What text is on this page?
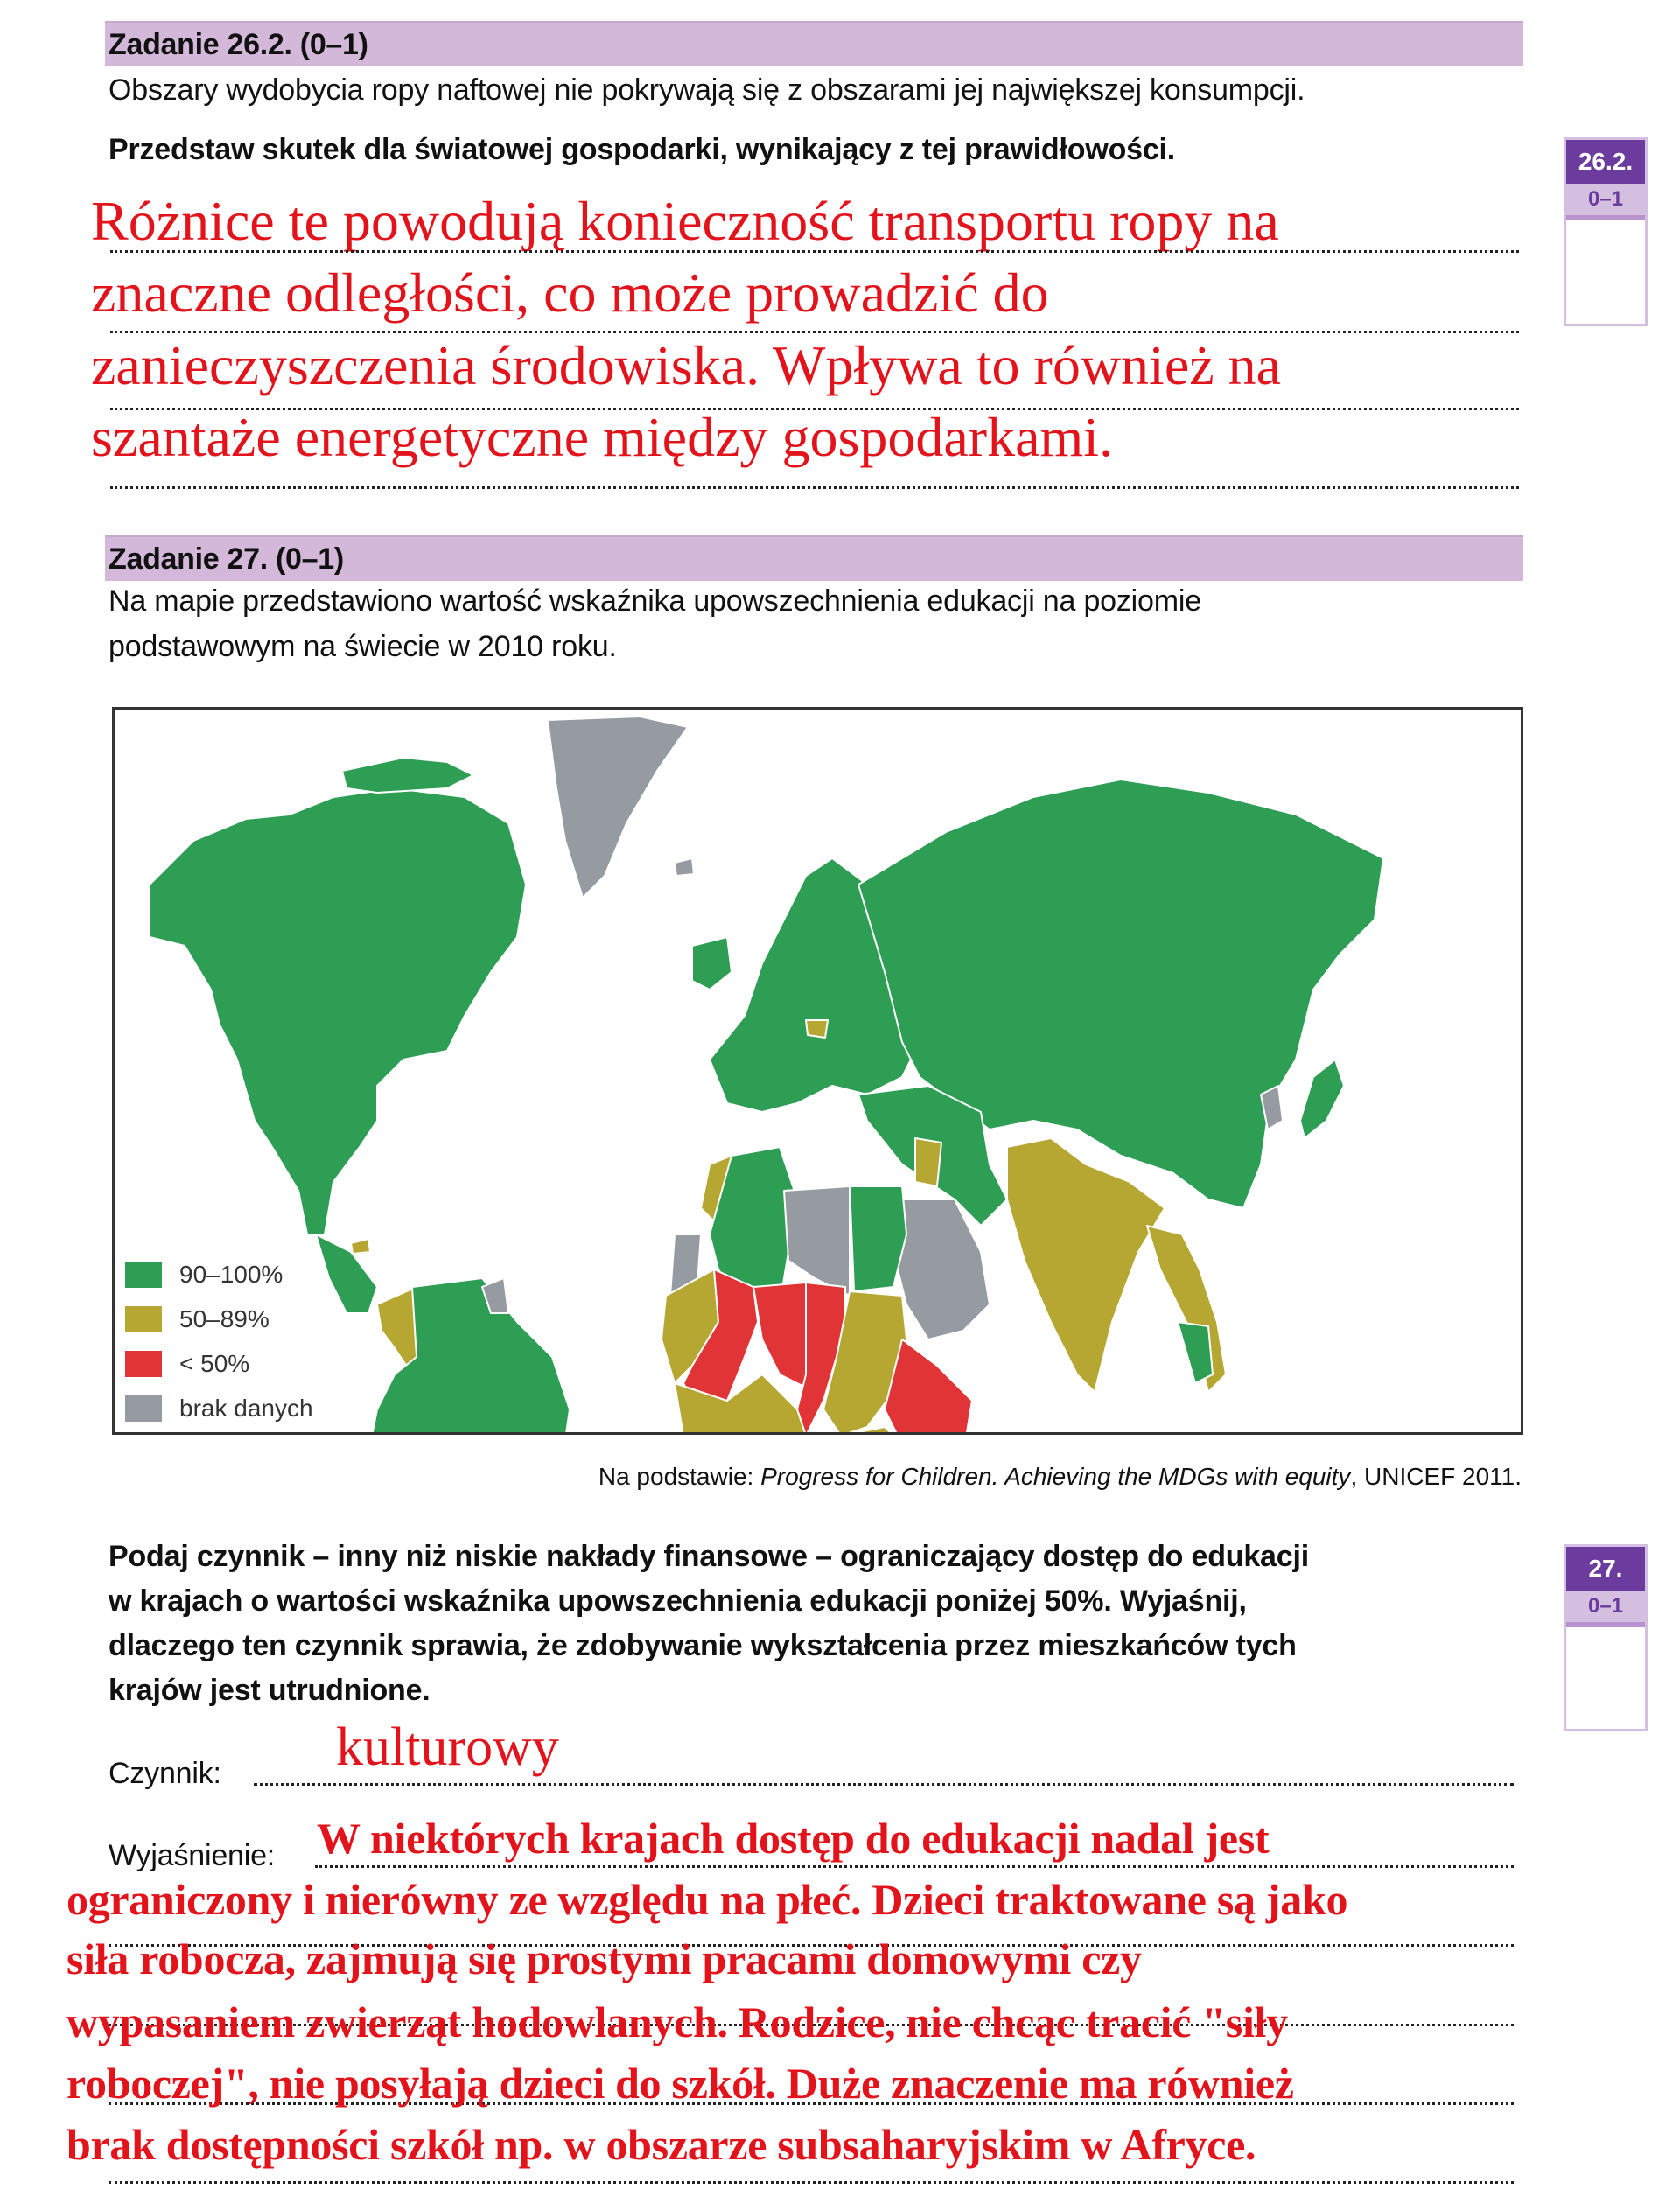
Zadanie 26.2. (0–1)
Obszary wydobycia ropy naftowej nie pokrywają się z obszarami jej największej konsumpcji.
Przedstaw skutek dla światowej gospodarki, wynikający z tej prawidłowości.
Różnice te powodują konieczność transportu ropy na
znaczne odległości, co może prowadzić do
zanieczyszczenia środowiska. Wpływa to również na
szantaże energetyczne między gospodarkami.
26.2.
0–1
Zadanie 27. (0–1)
Na mapie przedstawiono wartość wskaźnika upowszechnienia edukacji na poziomie
podstawowym na świecie w 2010 roku.
90–100%
50–89%
< 50%
brak danych
Na podstawie: Progress for Children. Achieving the MDGs with equity, UNICEF 2011.
Podaj czynnik – inny niż niskie nakłady finansowe – ograniczający dostęp do edukacji
w krajach o wartości wskaźnika upowszechnienia edukacji poniżej 50%. Wyjaśnij,
dlaczego ten czynnik sprawia, że zdobywanie wykształcenia przez mieszkańców tych
krajów jest utrudnione.
27.
0–1
Czynnik: kulturowy
Wyjaśnienie: W niektórych krajach dostęp do edukacji nadal jest
ograniczony i nierówny ze względu na płeć. Dzieci traktowane są jako
siła robocza, zajmują się prostymi pracami domowymi czy
wypasaniem zwierząt hodowlanych. Rodzice, nie chcąc tracić "siły
roboczej", nie posyłają dzieci do szkół. Duże znaczenie ma również
brak dostępności szkół np. w obszarze subsaharyjskim w Afryce.
